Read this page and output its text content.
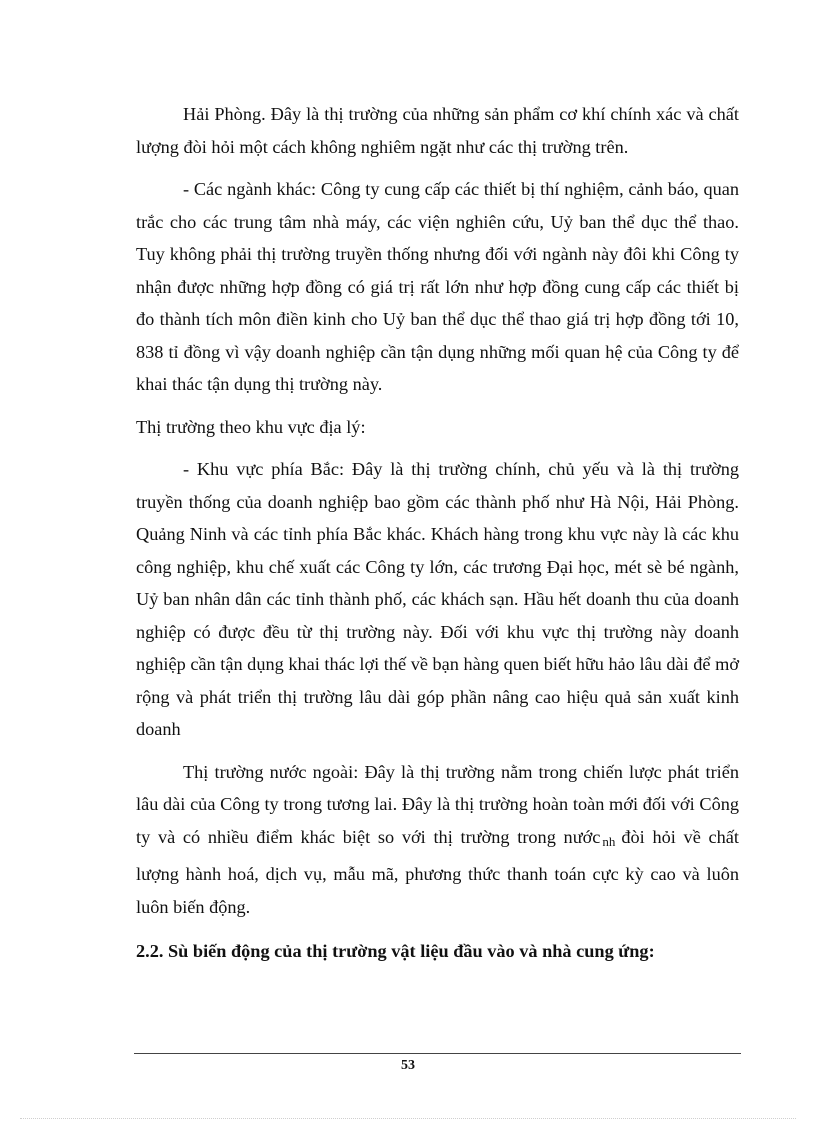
Hải Phòng. Đây là thị trường của những sản phẩm cơ khí chính xác và chất lượng đòi hỏi một cách không nghiêm ngặt như các thị trường trên.

- Các ngành khác: Công ty cung cấp các thiết bị thí nghiệm, cảnh báo, quan trắc cho các trung tâm nhà máy, các viện nghiên cứu, Uỷ ban thể dục thể thao. Tuy không phải thị trường truyền thống nhưng đối với ngành này đôi khi Công ty nhận được những hợp đồng có giá trị rất lớn như hợp đồng cung cấp các thiết bị đo thành tích môn điền kinh cho Uỷ ban thể dục thể thao giá trị hợp đồng tới 10, 838 tỉ đồng vì vậy doanh nghiệp cần tận dụng những mối quan hệ của Công ty để khai thác tận dụng thị trường này.

Thị trường theo khu vực địa lý:

- Khu vực phía Bắc: Đây là thị trường chính, chủ yếu và là thị trường truyền thống của doanh nghiệp bao gồm các thành phố như Hà Nội, Hải Phòng. Quảng Ninh và các tỉnh phía Bắc khác. Khách hàng trong khu vực này là các khu công nghiệp, khu chế xuất các Công ty lớn, các trương Đại học, mét sè bé ngành, Uỷ ban nhân dân các tỉnh thành phố, các khách sạn. Hầu hết doanh thu của doanh nghiệp có được đều từ thị trường này. Đối với khu vực thị trường này doanh nghiệp cần tận dụng khai thác lợi thế về bạn hàng quen biết hữu hảo lâu dài để mở rộng và phát triển thị trường lâu dài góp phần nâng cao hiệu quả sản xuất kinh doanh

Thị trường nước ngoài: Đây là thị trường nằm trong chiến lược phát triển lâu dài của Công ty trong tương lai. Đây là thị trường hoàn toàn mới đối với Công ty và có nhiều điểm khác biệt so với thị trường trong nước $_{nh}$ đòi hỏi về chất lượng hành hoá, dịch vụ, mẫu mã, phương thức thanh toán cực kỳ cao và luôn luôn biến động.

2.2. Sù biến động của thị trường vật liệu đầu vào và nhà cung ứng:

53
